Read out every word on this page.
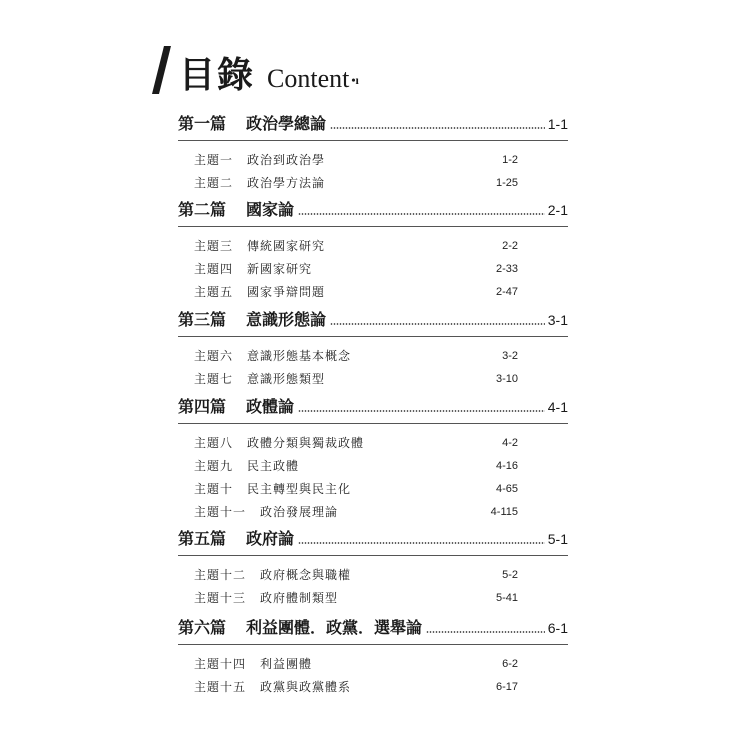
目錄 Content •ı
第一篇	政治學總論	1-1
主題一 政治到政治學	1-2
主題二 政治學方法論	1-25
第二篇	國家論	2-1
主題三 傳統國家研究	2-2
主題四 新國家研究	2-33
主題五 國家爭辯問題	2-47
第三篇	意識形態論	3-1
主題六 意識形態基本概念	3-2
主題七 意識形態類型	3-10
第四篇	政體論	4-1
主題八 政體分類與獨裁政體	4-2
主題九 民主政體	4-16
主題十 民主轉型與民主化	4-65
主題十一 政治發展理論	4-115
第五篇	政府論	5-1
主題十二 政府概念與職權	5-2
主題十三 政府體制類型	5-41
第六篇	利益團體．政黨．選舉論	6-1
主題十四 利益團體	6-2
主題十五 政黨與政黨體系	6-17
